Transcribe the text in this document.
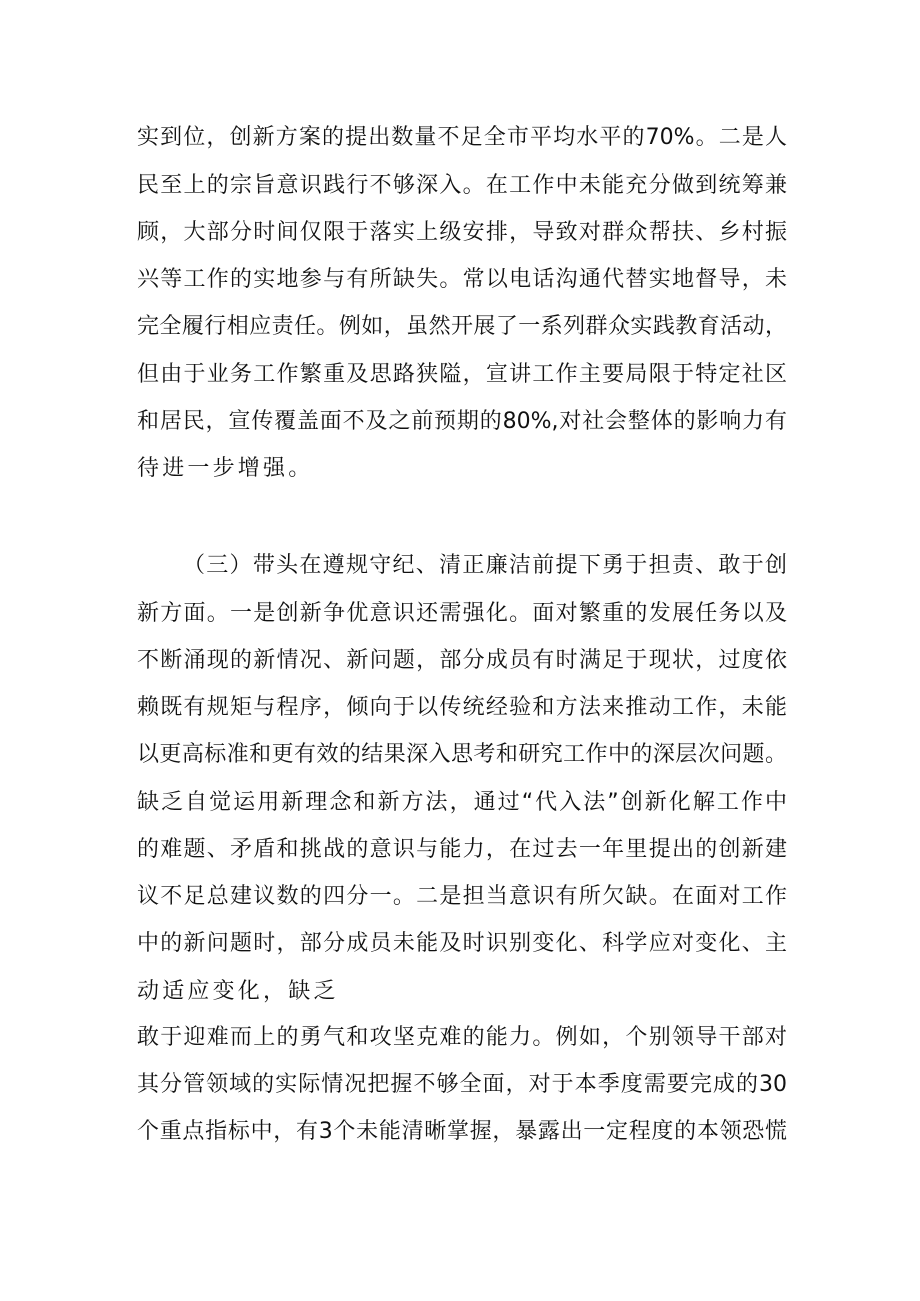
实到位，创新方案的提出数量不足全市平均水平的70%。二是人
民至上的宗旨意识践行不够深入。在工作中未能充分做到统筹兼
顾，大部分时间仅限于落实上级安排，导致对群众帮扶、乡村振
兴等工作的实地参与有所缺失。常以电话沟通代替实地督导，未
完全履行相应责任。例如，虽然开展了一系列群众实践教育活动，
但由于业务工作繁重及思路狭隘，宣讲工作主要局限于特定社区
和居民，宣传覆盖面不及之前预期的80%,对社会整体的影响力有
待进一步增强。
（三）带头在遵规守纪、清正廉洁前提下勇于担责、敢于创
新方面。一是创新争优意识还需强化。面对繁重的发展任务以及
不断涌现的新情况、新问题，部分成员有时满足于现状，过度依
赖既有规矩与程序，倾向于以传统经验和方法来推动工作，未能
以更高标准和更有效的结果深入思考和研究工作中的深层次问题。
缺乏自觉运用新理念和新方法，通过“代入法”创新化解工作中
的难题、矛盾和挑战的意识与能力，在过去一年里提出的创新建
议不足总建议数的四分一。二是担当意识有所欠缺。在面对工作
中的新问题时，部分成员未能及时识别变化、科学应对变化、主
动适应变化，缺乏
敢于迎难而上的勇气和攻坚克难的能力。例如，个别领导干部对
其分管领域的实际情况把握不够全面，对于本季度需要完成的30
个重点指标中，有3个未能清晰掌握，暴露出一定程度的本领恐慌
